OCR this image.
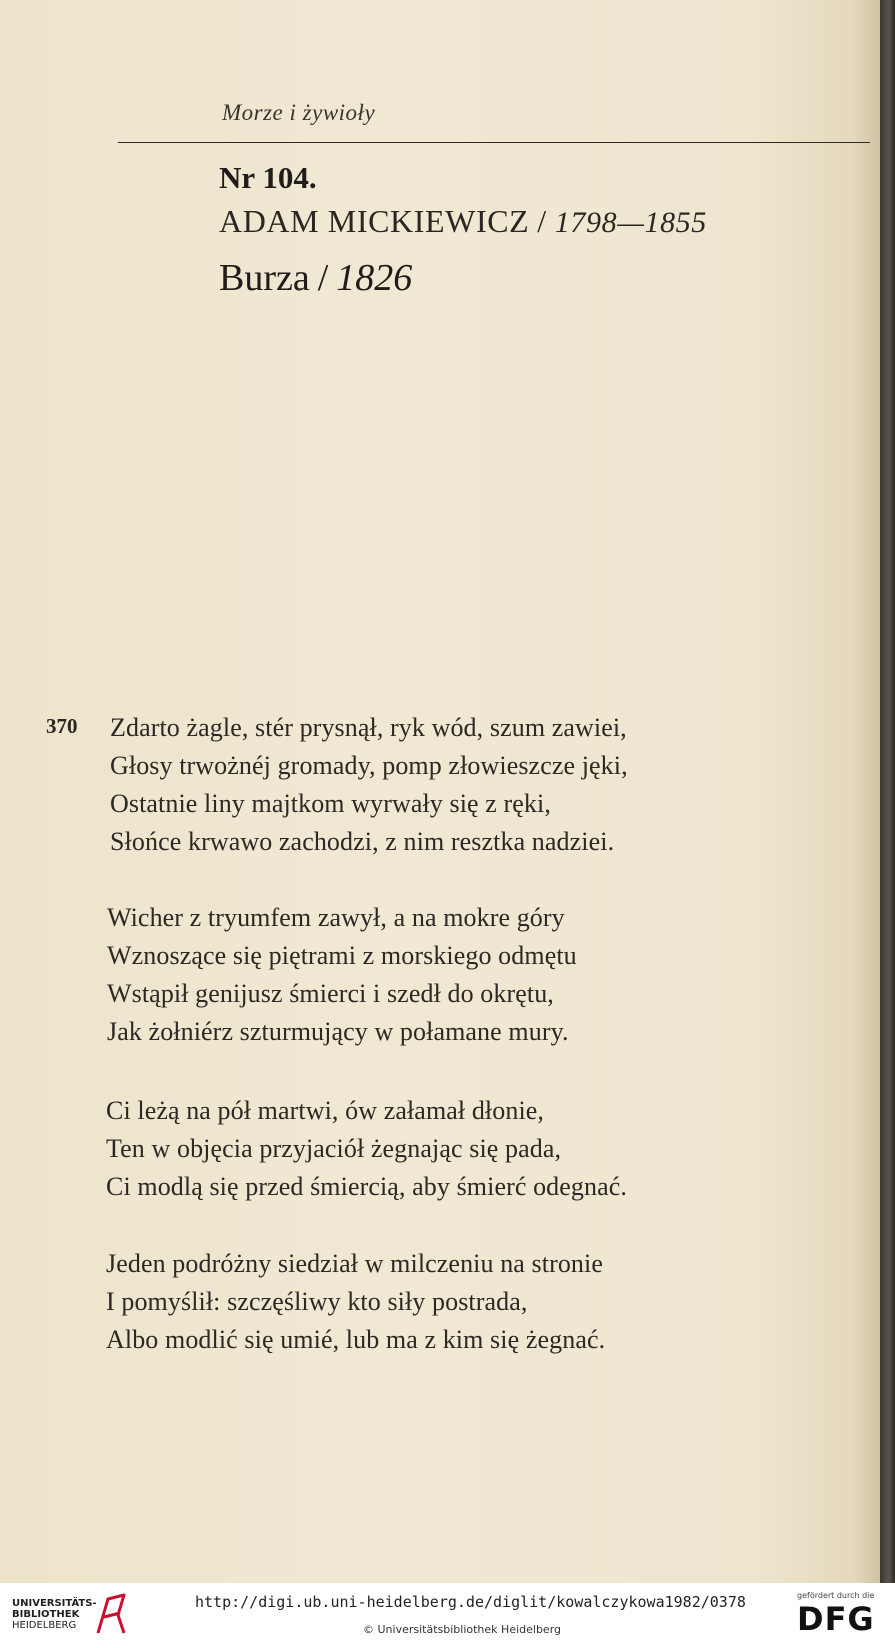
Morze i żywioły
Nr 104.
ADAM MICKIEWICZ / 1798—1855
Burza / 1826
370 Zdarto żagle, stér prysnął, ryk wód, szum zawiei,
Głosy trwożnéj gromady, pomp złowieszcze jęki,
Ostatnie liny majtkom wyrwały się z ręki,
Słońce krwawo zachodzi, z nim resztka nadziei.
Wicher z tryumfem zawył, a na mokre góry
Wznoszące się piętrami z morskiego odmętu
Wstąpił genijusz śmierci i szedł do okrętu,
Jak żołniérz szturmujący w połamane mury.
Ci leżą na pół martwi, ów załamał dłonie,
Ten w objęcia przyjaciół żegnając się pada,
Ci modlą się przed śmiercią, aby śmierć odegnać.
Jeden podróżny siedział w milczeniu na stronie
I pomyślił: szczęśliwy kto siły postrada,
Albo modlić się umié, lub ma z kim się żegnać.
UNIVERSITÄTS-
BIBLIOTHEK
HEIDELBERG
http://digi.ub.uni-heidelberg.de/diglit/kowalczykowa1982/0378
© Universitätsbibliothek Heidelberg
gefördert durch die
DFG
